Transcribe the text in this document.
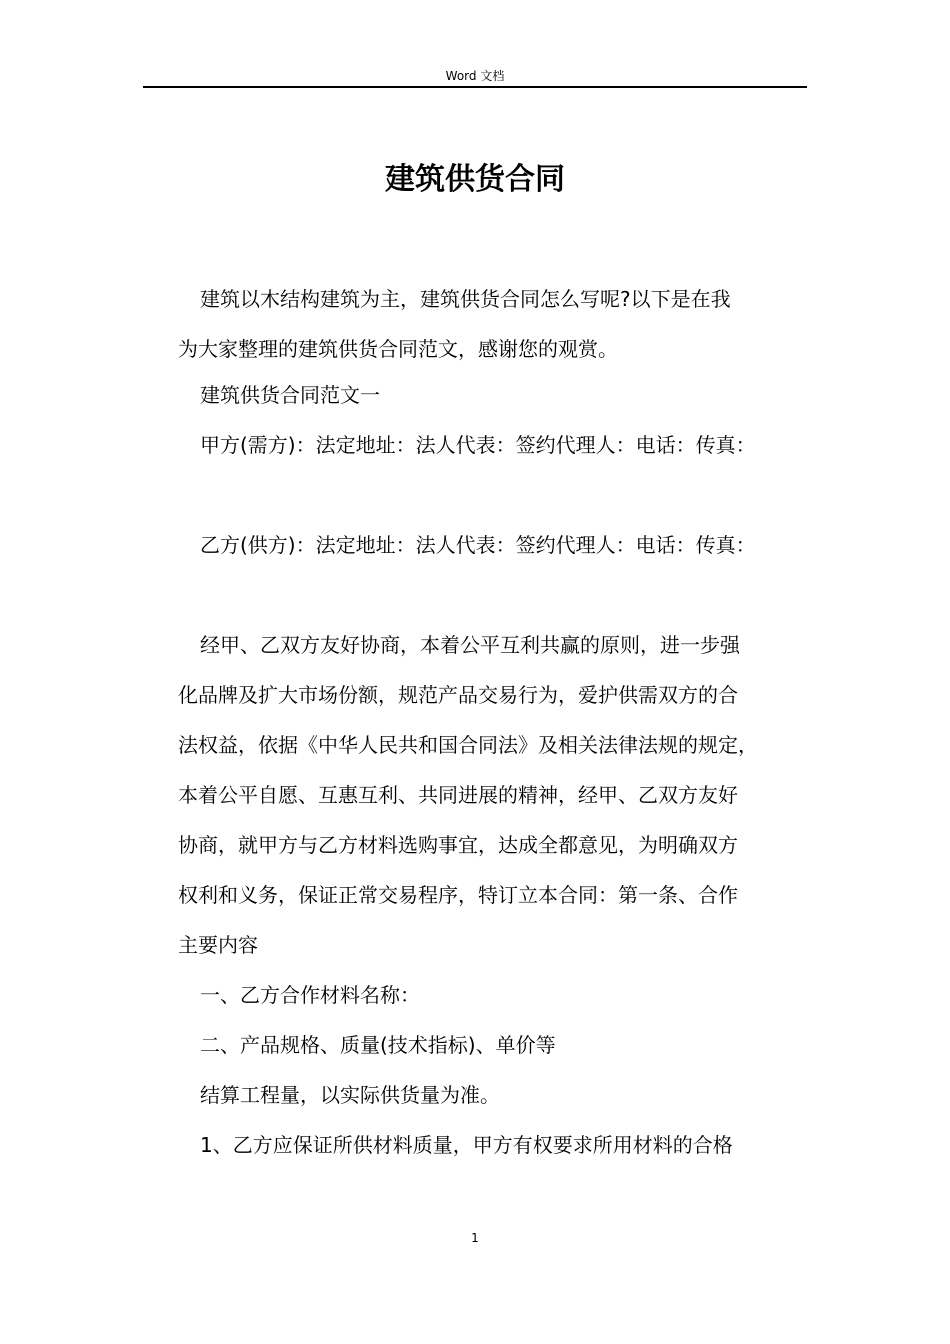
Word 文档
建筑供货合同
建筑以木结构建筑为主，建筑供货合同怎么写呢?以下是在我
为大家整理的建筑供货合同范文，感谢您的观赏。
建筑供货合同范文一
甲方(需方)：法定地址：法人代表：签约代理人：电话：传真：
乙方(供方)：法定地址：法人代表：签约代理人：电话：传真：
经甲、乙双方友好协商，本着公平互利共赢的原则，进一步强
化品牌及扩大市场份额，规范产品交易行为，爱护供需双方的合
法权益，依据《中华人民共和国合同法》及相关法律法规的规定，
本着公平自愿、互惠互利、共同进展的精神，经甲、乙双方友好
协商，就甲方与乙方材料选购事宜，达成全都意见，为明确双方
权利和义务，保证正常交易程序，特订立本合同：第一条、合作
主要内容
一、乙方合作材料名称：
二、产品规格、质量(技术指标)、单价等
结算工程量，以实际供货量为准。
1、乙方应保证所供材料质量，甲方有权要求所用材料的合格
1
